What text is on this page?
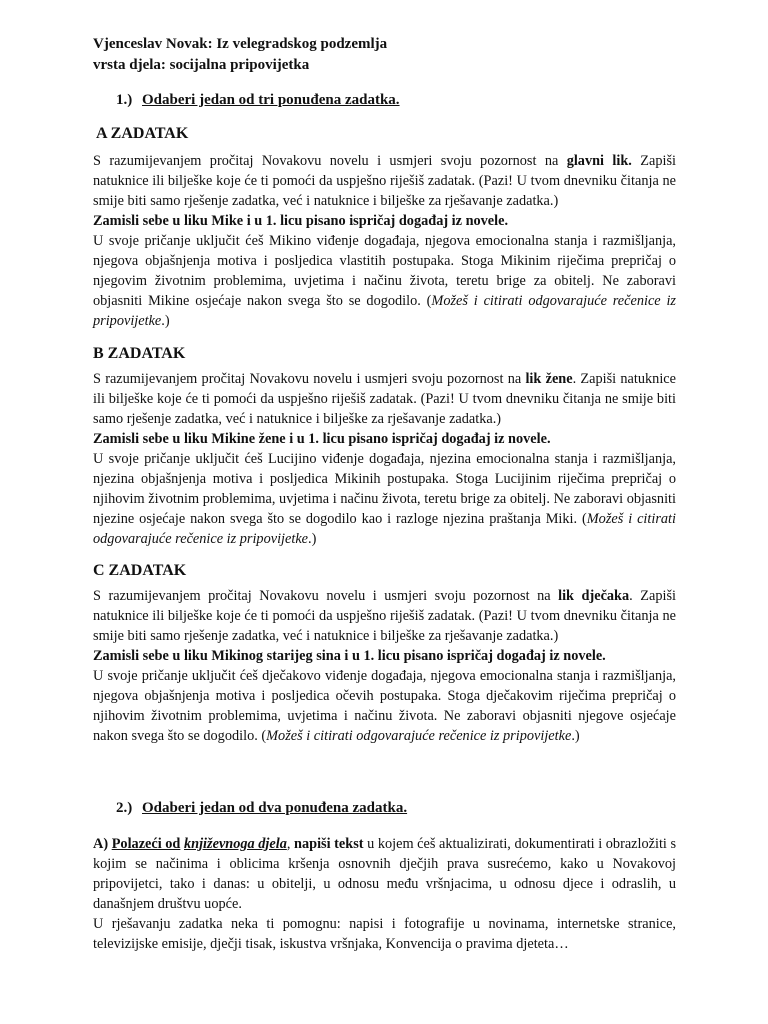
Vjenceslav Novak: Iz velegradskog podzemlja
vrsta djela: socijalna pripovijetka
1.) Odaberi jedan od tri ponuđena zadatka.
A ZADATAK

S razumijevanjem pročitaj Novakovu novelu i usmjeri svoju pozornost na glavni lik. Zapiši natuknice ili bilješke koje će ti pomoći da uspješno riješiš zadatak. (Pazi! U tvom dnevniku čitanja ne smije biti samo rješenje zadatka, već i natuknice i bilješke za rješavanje zadatka.)

Zamisli sebe u liku Mike i u 1. licu pisano ispričaj događaj iz novele.

U svoje pričanje uključit ćeš Mikino viđenje događaja, njegova emocionalna stanja i razmišljanja, njegova objašnjenja motiva i posljedica vlastitih postupaka. Stoga Mikinim riječima prepričaj o njegovim životnim problemima, uvjetima i načinu života, teretu brige za obitelj. Ne zaboravi objasniti Mikine osjećaje nakon svega što se dogodilo. (Možeš i citirati odgovarajuće rečenice iz pripovijetke.)

B ZADATAK

S razumijevanjem pročitaj Novakovu novelu i usmjeri svoju pozornost na lik žene. Zapiši natuknice ili bilješke koje će ti pomoći da uspješno riješiš zadatak. (Pazi! U tvom dnevniku čitanja ne smije biti samo rješenje zadatka, već i natuknice i bilješke za rješavanje zadatka.)

Zamisli sebe u liku Mikine žene i u 1. licu pisano ispričaj događaj iz novele.

U svoje pričanje uključit ćeš Lucijino viđenje događaja, njezina emocionalna stanja i razmišljanja, njezina objašnjenja motiva i posljedica Mikinih postupaka. Stoga Lucijinim riječima prepričaj o njihovim životnim problemima, uvjetima i načinu života, teretu brige za obitelj. Ne zaboravi objasniti njezine osjećaje nakon svega što se dogodilo kao i razloge njezina praštanja Miki. (Možeš i citirati odgovarajuće rečenice iz pripovijetke.)

C ZADATAK

S razumijevanjem pročitaj Novakovu novelu i usmjeri svoju pozornost na lik dječaka. Zapiši natuknice ili bilješke koje će ti pomoći da uspješno riješiš zadatak. (Pazi! U tvom dnevniku čitanja ne smije biti samo rješenje zadatka, već i natuknice i bilješke za rješavanje zadatka.)

Zamisli sebe u liku Mikinog starijeg sina i u 1. licu pisano ispričaj događaj iz novele.

U svoje pričanje uključit ćeš dječakovo viđenje događaja, njegova emocionalna stanja i razmišljanja, njegova objašnjenja motiva i posljedica očevih postupaka. Stoga dječakovim riječima prepričaj o njihovim životnim problemima, uvjetima i načinu života. Ne zaboravi objasniti njegove osjećaje nakon svega što se dogodilo. (Možeš i citirati odgovarajuće rečenice iz pripovijetke.)

2.) Odaberi jedan od dva ponuđena zadatka.

A) Polazeći od književnoga djela, napiši tekst u kojem ćeš aktualizirati, dokumentirati i obrazložiti s kojim se načinima i oblicima kršenja osnovnih dječjih prava susrećemo, kako u Novakovoj pripovijetci, tako i danas: u obitelji, u odnosu među vršnjacima, u odnosu djece i odraslih, u današnjem društvu uopće.

U rješavanju zadatka neka ti pomognu: napisi i fotografije u novinama, internetske stranice, televizijske emisije, dječji tisak, iskustva vršnjaka, Konvencija o pravima djeteta…
